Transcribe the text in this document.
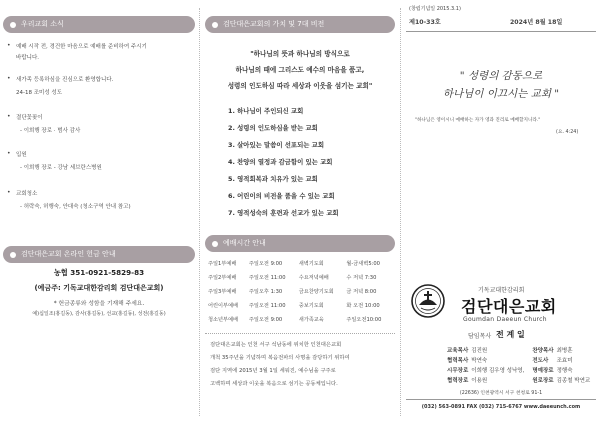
우리교회 소식
• 예배 시작 전, 경건한 마음으로 예배를 준비하여 주시기
바랍니다.
• 새가족 등록하심을 진심으로 환영합니다.
24-18 조미성 성도
• 결단꽃꽂이
- 이희행 장로 · 범사 감사
• 입원
- 이희행 장로 - 강남 세브란스병원
• 교회청소
- 허락숙, 허행숙, 안대숙 (청소구역 안내 참고)
검단대은교회 온라인 헌금 안내
농협 351-0921-5829-83
(예금주: 기독교대한감리회 검단대은교회)
* 헌금종류와 성함을 기재해 주세요.
예)십일조(홍길동), 감사(홍길동), 선교(홍길동), 성전(홍길동)
검단대은교회의 가치 및 7대 비전
"하나님의 뜻과 하나님의 방식으로
하나님의 때에 그리스도 예수의 마음을 품고,
성령의 인도하심 따라 세상과 이웃을 섬기는 교회"
1. 하나님이 주인되신 교회
2. 성령의 인도하심을 받는 교회
3. 살아있는 말씀이 선포되는 교회
4. 찬양의 열정과 감금함이 있는 교회
5. 영적회복과 치유가 있는 교회
6. 어린이의 비전을 품을 수 있는 교회
7. 영적성숙의 훈련과 선교가 있는 교회
예배시간 안내
주일1부예배	주일오전 9:00	새벽기도회	월-금새벽5:00
주일2부예배	주일오전 11:00	수요저녁예배	수 저녁 7:30
주일3부예배	주일오후 1:30	금요찬양기도회	금 저녁 8:00
어린이부예배	주일오전 11:00	중보기도회	화 오전 10:00
청소년부예배	주일오전 9:00	새가족교육	주일오전10:00
검단대은교회는 인천 서구 석남동에 위치한 인천대은교회
개척 35주년을 기념하며 복음전파의 사명을 감당하기 위하여
검단 지역에 2015년 3월 1일 세워진, 예수님을 구주로
고백하며 세상과 이웃을 복음으로 섬기는 공동체입니다.
(창립기념일 2015.3.1)
제10-33호	2024년 8월 18일
" 성령의 감동으로
하나님이 이끄시는 교회 "
"하나님은 영이시니 예배하는 자가 영과 진리로 예배할지니라."
(요. 4:24)
기독교대한감리회
검단대은교회
Goumdan Daeeun Church
담임목사 전 계 일
교육목사	김진원	찬양목사	최병훈
협력목사	박연숙	전도사	조효미
시무장로	이희행 김우영 성낙영,	명예장로	정행숙
협력장로	이용원	원로장로	김종철 박연교
(22636) 인천광역시 서구 천청로 91-1
(032) 563-0891 FAX (032) 715-6767 www.daeeunch.com
